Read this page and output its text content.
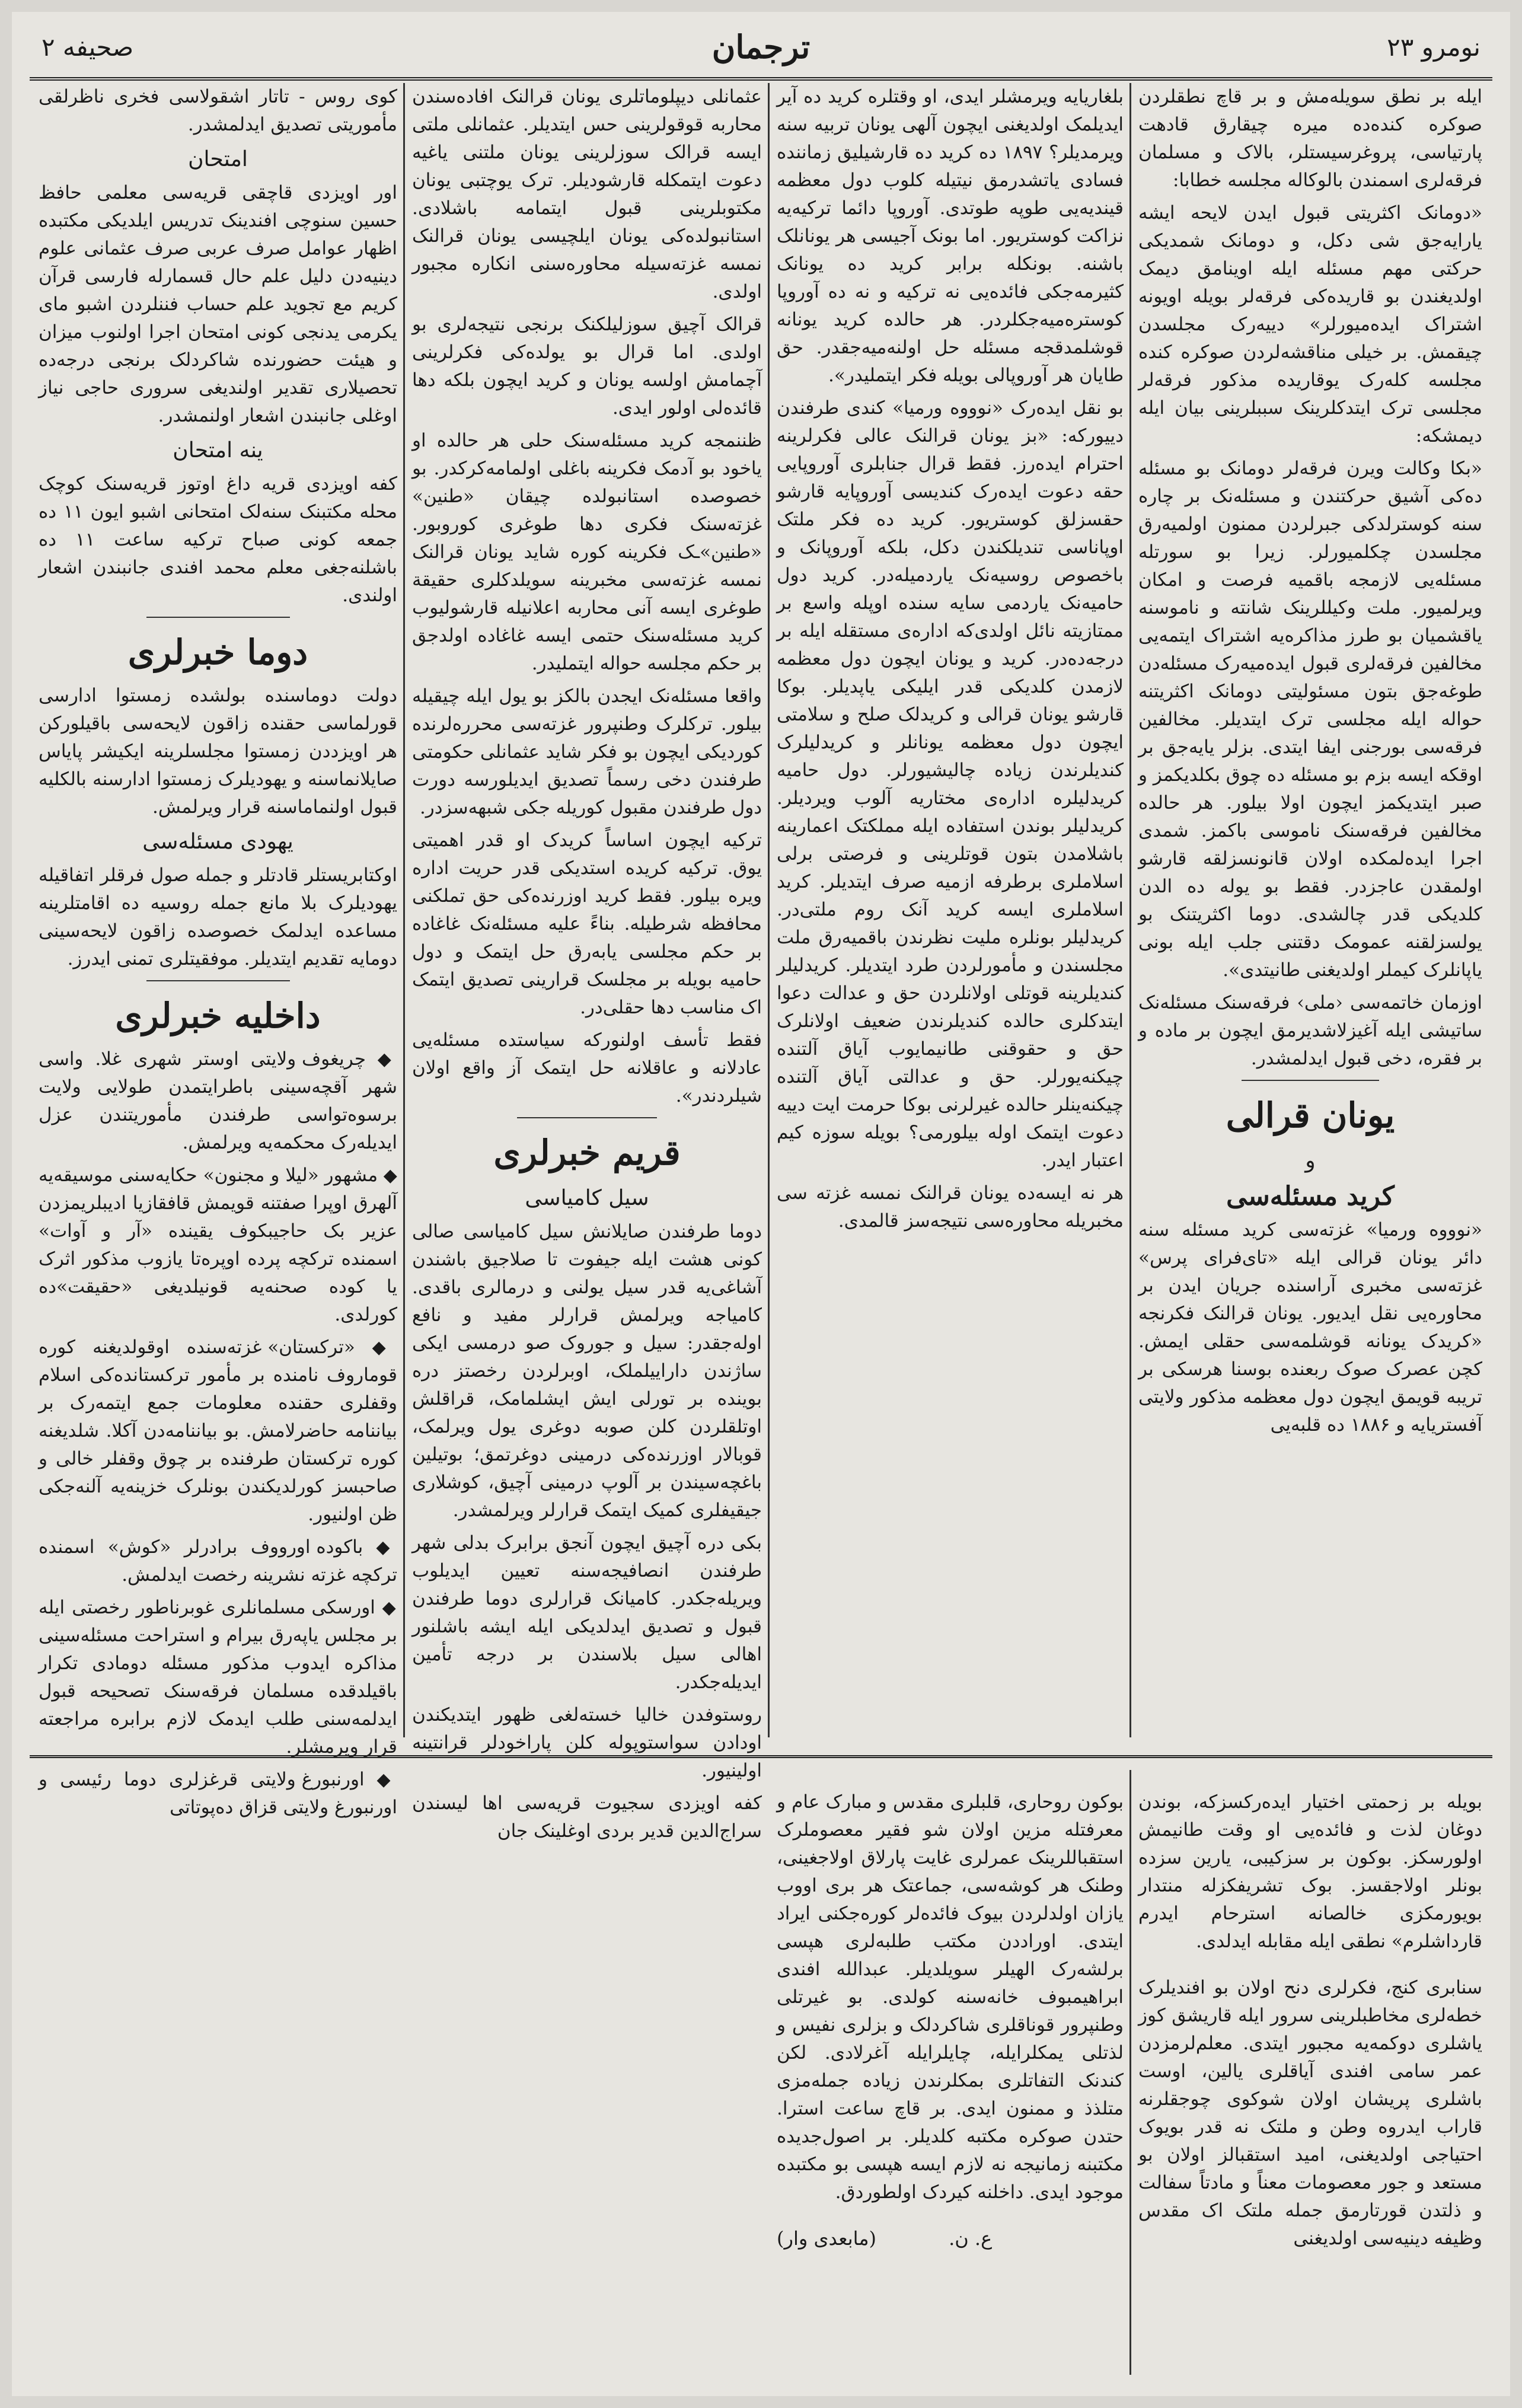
صحیفه ۲	ترجمان	نومرو ۲۳

ایله بر نطق سویله‌مش و بر قاچ نطقلردن صوکره کنده‌ده میره چیقارق قادهت پارتیاسی، پروغرسیستلر، بالاک و مسلمان فرقه‌لری اسمندن بالوکاله مجلسه خطابا:

«دومانک اکثریتی قبول ایدن لایحه ایشه یارایه‌جق شی دکل، و دومانک شمدیکی حرکتی مهم مسئله ایله اوینامق دیمک اولدیغندن بو قاریده‌کی فرقه‌لر بویله اویونه اشتراک ایده‌میورلر» دییه‌رک مجلسدن چیقمش. بر خیلی مناقشه‌لردن صوکره کنده مجلسه کله‌رک یوقاریده مذکور فرقه‌لر مجلسی ترک ایتدکلرینک سببلرینی بیان ایله دیمشکه:

«بکا وکالت ویرن فرقه‌لر دومانک بو مسئله ده‌کی آشیق حرکتندن و مسئله‌نک بر چاره سنه کوسترلدکی جبرلردن ممنون اولمیه‌رق مجلسدن چکلمیورلر. زیرا بو سورتله مسئله‌یی لازمجه باقمیه فرصت و امکان ویرلمیور. ملت وکیللرینک شانته و ناموسنه یاقشمیان بو طرز مذاکره‌یه اشتراک ایتمه‌یی مخالفین فرقه‌لری قبول ایده‌میه‌رک مسئله‌دن طوغه‌جق بتون مسئولیتی دومانک اکثریتنه حواله ایله مجلسی ترک ایتدیلر. مخالفین فرقه‌سی بورجنی ایفا ایتدی. بزلر یایه‌جق بر اوقکه ایسه بزم بو مسئله ده چوق بکلدیکمز و صبر ایتدیکمز ایچون اولا بیلور. هر حالده مخالفین فرقه‌سنک ناموسی باکمز. شمدی اجرا ایده‌لمکده اولان قانونسزلقه قارشو اولمقدن عاجزدر. فقط بو یوله ده الدن کلدیکی قدر چالشدی. دوما اکثریتنک بو یولسزلقنه عمومک دقتنی جلب ایله بونی یاپانلرک کیملر اولدیغنی طانیتدی».

اوزمان خاتمه‌سی ‹ملی› فرقه‌سنک مسئله‌نک ساتیشی ایله آغیزلاشدیرمق ایچون بر ماده و بر فقره، دخی قبول ایدلمشدر.

یونان قرالی
و
کرید مسئله‌سی

«نوووه ورمیا» غزته‌سی کرید مسئله سنه دائر یونان قرالی ایله «تای‌فرای پرس» غزته‌سی مخبری آراسنده جریان ایدن بر محاوره‌یی نقل ایدیور. یونان قرالنک فکرنجه «کریدک یونانه قوشلمه‌سی حقلی ایمش. کچن عصرک صوک ربعنده بوسنا هرسکی بر تریبه قویمق ایچون دول معظمه مذکور ولایتی آفستریایه و ۱۸۸۶ ده قلبه‌یی

بلغاریایه ویرمشلر ایدی، او وقتلره کرید ده آیر ایدیلمک اولدیغنی ایچون آلهی یونان تربیه سنه ویرمدیلر؟ ۱۸۹۷ ده کرید ده قارشیلیق زماننده فسادی یاتشدرمق نیتیله کلوب دول معظمه قیندیه‌یی طوپه طوتدی. آوروپا دائما ترکیه‌یه نزاکت کوستریور. اما بونک آجیسی هر یونانلک باشنه. بونکله برابر کرید ده یونانک کثیرمه‌جکی فائده‌یی نه ترکیه و نه ده آوروپا کوستره‌میه‌جکلردر. هر حالده کرید یونانه قوشلمدقجه مسئله حل اولنه‌میه‌جقدر. حق طایان هر آوروپالی بویله فکر ایتملیدر».

بو نقل ایده‌رک «نوووه ورمیا» کندی طرفندن دییورکه: «بز یونان قرالنک عالی فکرلرینه احترام ایده‌رز. فقط قرال جنابلری آوروپایی حقه دعوت ایده‌رک کندیسی آوروپایه قارشو حقسزلق کوستریور. کرید ده فکر ملتک اوپاناسی تندیلکندن دکل، بلکه آوروپانک و باخصوص روسیه‌نک یاردمیله‌در. کرید دول حامیه‌نک یاردمی سایه سنده اوپله واسع بر ممتازیته نائل اولدی‌که اداره‌ی مستقله ایله بر درجه‌ده‌در. کرید و یونان ایچون دول معظمه لازمدن کلدیکی قدر ایلیکی یاپدیلر. بوکا قارشو یونان قرالی و کریدلک صلح و سلامتی ایچون دول معظمه یونانلر و کریدلیلرک کندیلرندن زیاده چالیشیورلر. دول حامیه کریدلیلره اداره‌ی مختاریه آلوب ویردیلر. کریدلیلر بوندن استفاده ایله مملکتک اعمارینه باشلامدن بتون قوتلرینی و فرصتی برلی اسلاملری برطرفه ازمیه صرف ایتدیلر. کرید اسلاملری ایسه کرید آنک روم ملتی‌در. کریدلیلر بونلره ملیت نظرندن باقمیه‌رق ملت مجلسندن و مأمورلردن طرد ایتدیلر. کریدلیلر کندیلرینه قوتلی اولانلردن حق و عدالت دعوا ایتدکلری حالده کندیلرندن ضعیف اولانلرک حق و حقوقنی طانیمایوب آیاق آلتنده چیکنه‌یورلر. حق و عدالتی آیاق آلتنده چیکنه‌ینلر حالده غیرلرنی بوکا حرمت ایت دییه دعوت ایتمک اوله بیلورمی؟ بویله سوزه کیم اعتبار ایدر.

هر نه ایسه‌ده یونان قرالنک نمسه غزته سی مخبریله محاوره‌سی نتیجه‌سز قالمدی.

عثمانلی دیپلوماتلری یونان قرالنک افاده‌سندن محاربه قوقولرینی حس ایتدیلر. عثمانلی ملتی ایسه قرالک سوزلرینی یونان ملتنی یاغیه دعوت ایتمکله قارشودیلر. ترک یوچتبی یونان مکتوبلرینی قبول ایتمامه باشلادی. استانبولده‌کی یونان ایلچیسی یونان قرالنک نمسه غزته‌سیله محاوره‌سنی انکاره مجبور اولدی.

قرالک آچیق سوزلیلکنک برنجی نتیجه‌لری بو اولدی. اما قرال بو یولده‌کی فکرلرینی آچمامش اولسه یونان و کرید ایچون بلکه دها قائده‌لی اولور ایدی.

ظننمجه کرید مسئله‌سنک حلی هر حالده او یاخود بو آدمک فکرینه باغلی اولمامه‌کرکدر. بو خصوصده استانبولده چیقان «طنین» غزته‌سنک فکری دها طوغری کوروبور. «طنین»ـک فکرینه کوره شاید یونان قرالنک نمسه غزته‌سی مخبرینه سویلدکلری حقیقة طوغری ایسه آنی محاربه اعلانیله قارشولیوب کرید مسئله‌سنک حتمی ایسه غاغاده اولدجق بر حکم مجلسه حواله ایتملیدر.

واقعا مسئله‌نک ایجدن بالکز بو یول ایله چیقیله بیلور. ترکلرک وطنپرور غزته‌سی محرره‌لرنده کوردیکی ایچون بو فکر شاید عثمانلی حکومتی طرفندن دخی رسماً تصدیق ایدیلورسه دورت دول طرفندن مقبول کوریله جکی شبهه‌سزدر.

ترکیه ایچون اساساً کریدک او قدر اهمیتی یوق. ترکیه کریده استدیکی قدر حریت اداره ویره بیلور. فقط کرید اوزرنده‌کی حق تملکنی محافظه شرطیله. بناءً علیه مسئله‌نک غاغاده بر حکم مجلسی یابه‌رق حل ایتمک و دول حامیه بویله بر مجلسک قرارینی تصدیق ایتمک اک مناسب دها حقلی‌در.

فقط تأسف اولنورکه سیاستده مسئله‌یی عادلانه و عاقلانه حل ایتمک آز واقع اولان شیلردندر».

قریم خبرلری
سیل کامیاسی

دوما طرفندن صایلانش سیل کامیاسی صالی کونی هشت ایله جیفوت تا صلاجیق باشندن آشاغی‌یه قدر سیل یولنی و درمالری باقدی. کامیاجه ویرلمش قرارلر مفید و نافع اوله‌جقدر: سیل و جوروک صو درمسی ایکی ساژندن داراییلملک، اوبرلردن رخصتز دره بوینده بر تورلی ایش ایشلمامک، قراقلش اوتلقلردن کلن صوبه دوغری یول ویرلمک، قوبالار اوزرنده‌کی درمینی دوغرتمق؛ بوتیلین باغچه‌سیندن بر آلوپ درمینی آچیق، کوشلاری جیقیفلری کمیک ایتمک قرارلر ویرلمشدر.

بکی دره آچیق ایچون آنجق برابرک بدلی شهر طرفندن انصافیجه‌سنه تعیین ایدیلوب ویریله‌جکدر. کامیانک قرارلری دوما طرفندن قبول و تصدیق ایدلدیکی ایله ایشه باشلنور اهالی سیل بلاسندن بر درجه تأمین ایدیله‌جکدر.

روستوفدن خالیا خسته‌لغی ظهور ایتدیکندن اودادن سواستوپوله کلن پاراخودلر قرانتینه اولینیور.

کفه اویزدی سجیوت قریه‌سی اها لیسندن سراج‌الدین قدیر بردی اوغلینک جان

کوی روس - تاتار اشقولاسی فخری ناظرلقی مأموریتی تصدیق ایدلمشدر.

امتحان

اور اویزدی قاچقی قریه‌سی معلمی حافظ حسین سنوچی افندینک تدریس ایلدیکی مکتبده اظهار عوامل صرف عربی صرف عثمانی علوم دینیه‌دن دلیل علم حال قسمارله فارسی قرآن کریم مع تجوید علم حساب فننلردن اشبو مای یکرمی یدنجی کونی امتحان اجرا اولنوب میزان و هیئت حضورنده شاکردلک برنجی درجه‌ده تحصیلاری تقدیر اولندیغی سروری حاجی نیاز اوغلی جانبندن اشعار اولنمشدر.

ینه امتحان

کفه اویزدی قریه داغ اوتوز قریه‌سنک کوچک محله مکتبنک سنه‌لک امتحانی اشبو ایون ۱۱ ده جمعه کونی صباح ترکیه ساعت ۱۱ ده باشلنه‌جغی معلم محمد افندی جانبندن اشعار اولندی.

دوما خبرلری

دولت دوماسنده بولشده زمستوا ادارسی قورلماسی حقنده زاقون لایحه‌سی باقیلورکن هر اویزددن زمستوا مجلسلرینه ایکیشر پایاس صایلانماسنه و یهودیلرک زمستوا ادارسنه بالکلیه قبول اولنماماسنه قرار ویرلمش.

یهودی مسئله‌سی

اوکتابریستلر قادتلر و جمله صول فرقلر اتفاقیله یهودیلرک بلا مانع جمله روسیه ده اقامتلرینه مساعده ایدلمک خصوصده زاقون لایحه‌سینی دومایه تقدیم ایتدیلر. موفقیتلری تمنی ایدرز.

داخلیه خبرلری

◆ چریغوف ولایتی اوستر شهری غلا. واسی شهر آقچه‌سینی باطرایتمدن طولایی ولایت برسوه‌تواسی طرفندن مأموریتندن عزل ایدیله‌رک محکمه‌یه ویرلمش.

◆ مشهور «لیلا و مجنون» حکایه‌سنی موسیقه‌یه آلهرق اوپرا صفتنه قویمش قافقازیا ادیبلریمزدن عزیر بک حاجیبکوف یقینده «آر و آوات» اسمنده ترکچه پرده اوپره‌تا یازوب مذکور اثرک یا کوده صحنه‌یه قونیلدیغی «حقیقت»ده کورلدی.

◆ «ترکستان» غزته‌سنده اوقولدیغنه کوره قوماروف نامنده بر مأمور ترکستانده‌کی اسلام وقفلری حقنده معلومات جمع ایتمه‌رک بر بیاننامه حاضرلامش. بو بیاننامه‌دن آکلا. شلدیغنه کوره ترکستان طرفنده بر چوق وقفلر خالی و صاحبسز کورلدیکندن بونلرک خزینه‌یه آلنه‌جکی ظن اولنیور.

◆ باکوده اورووف برادرلر «کوش» اسمنده ترکچه غزته نشرینه رخصت ایدلمش.

◆ اورسکی مسلمانلری غوبرناطور رخصتی ایله بر مجلس یاپه‌رق بیرام و استراحت مسئله‌سینی مذاکره ایدوب مذکور مسئله دومادی تکرار باقیلدقده مسلمان فرقه‌سنک تصحیحه قبول ایدلمه‌سنی طلب ایدمک لازم برابره مراجعته قرار ویرمشلر.

◆ اورنبورغ ولایتی قرغزلری دوما رئیسی و اورنبورغ ولایتی قزاق ده‌پوتاتی	بویله بر زحمتی اختیار ایده‌رکسزکه، بوندن دوغان لذت و فائده‌یی او وقت طانیمش اولورسکز. بوکون بر سزکیبی، یارین سزده بونلر اولاجقسز. بوک تشریفکزله منتدار بویورمکزی خالصانه استرحام ایدرم قارداشلرم» نطقی ایله مقابله ایدلدی.

سنابری کنج، فکرلری دنح اولان بو افندیلرک خطه‌لری مخاطبلرینی سرور ایله قاریشق کوز یاشلری دوکمه‌یه مجبور ایتدی. معلم‌لرمزدن عمر سامی افندی آیاقلری یالین، اوست باشلری پریشان اولان شوکوی چوجقلرنه قاراب ایدروه وطن و ملتک نه قدر بویوک احتیاجی اولدیغنی، امید استقبالز اولان بو مستعد و جور معصومات معناً و مادتاً سفالت و ذلتدن قورتارمق جمله ملتک اک مقدس وظیفه دینیه‌سی اولدیغنی

بوکون روحاری، قلبلری مقدس و مبارک عام و معرفتله مزین اولان شو فقیر معصوملرک استقباللرینک عمرلری غایت پارلاق اولاجغینی، وطنک هر کوشه‌سی، جماعتک هر بری اووب یازان اولدلردن بیوک فائده‌لر کوره‌جکنی ایراد ایتدی. اوراددن مکتب طلبه‌لری هپسی برلشه‌رک الهیلر سویلدیلر. عبدالله افندی ابراهیمبوف خانه‌سنه کولدی. بو غیرتلی وطنپرور قوناقلری شاکردلک و بزلری نفیس و لذتلی یمکلرایله، چایلرایله آغرلادی. لکن کندنک التفاتلری بمکلرندن زیاده جمله‌مزی متلذذ و ممنون ایدی. بر قاچ ساعت استرا. حتدن صوکره مکتبه کلدیلر. بر اصول‌جدیده مکتبنه زمانیجه نه لازم ایسه هپسی بو مکتبده موجود ایدی. داخلنه کیرد‌ک اولطوردق.

ع. ن.            (مابعدی وار)
